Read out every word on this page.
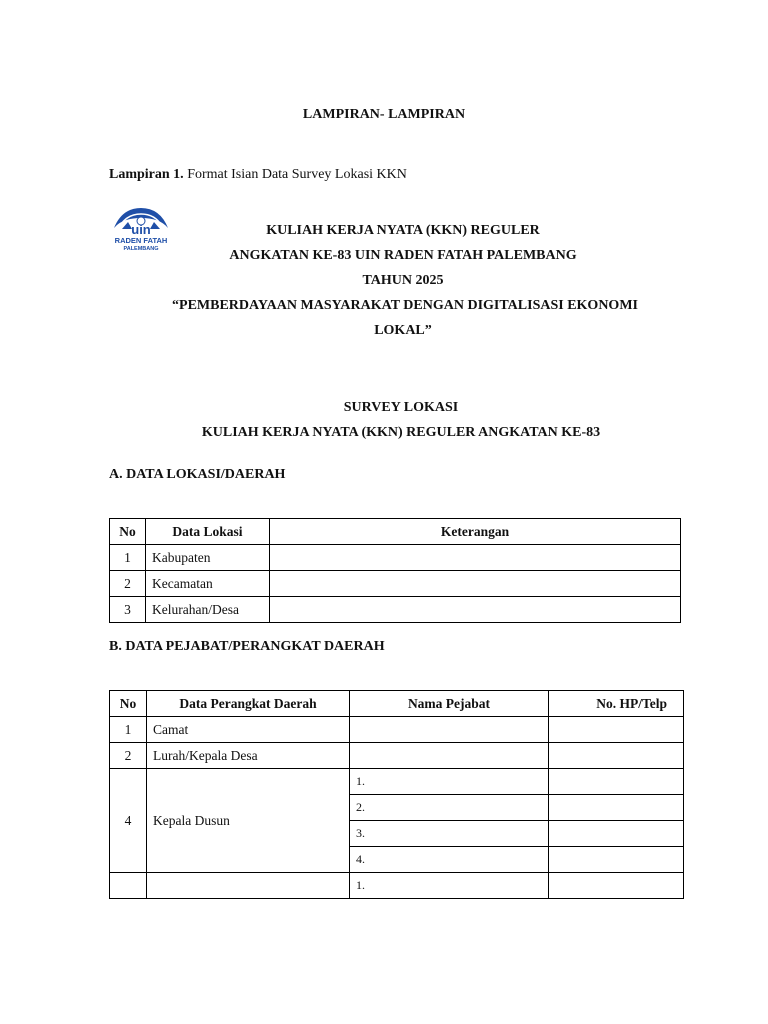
LAMPIRAN- LAMPIRAN
Lampiran 1. Format Isian Data Survey Lokasi KKN
uin
RADEN FATAH
PALEMBANG
KULIAH KERJA NYATA (KKN) REGULER
ANGKATAN KE-83 UIN RADEN FATAH PALEMBANG
TAHUN 2025
“PEMBERDAYAAN MASYARAKAT DENGAN DIGITALISASI EKONOMI
LOKAL”
SURVEY LOKASI
KULIAH KERJA NYATA (KKN) REGULER ANGKATAN KE-83
A. DATA LOKASI/DAERAH
No	Data Lokasi	Keterangan
1	Kabupaten	
2	Kecamatan	
3	Kelurahan/Desa	
B. DATA PEJABAT/PERANGKAT DAERAH
No	Data Perangkat Daerah	Nama Pejabat	No. HP/Telp
1	Camat		
2	Lurah/Kepala Desa		
4	Kepala Dusun	1.	
		2.	
		3.	
		4.	
		1.	
